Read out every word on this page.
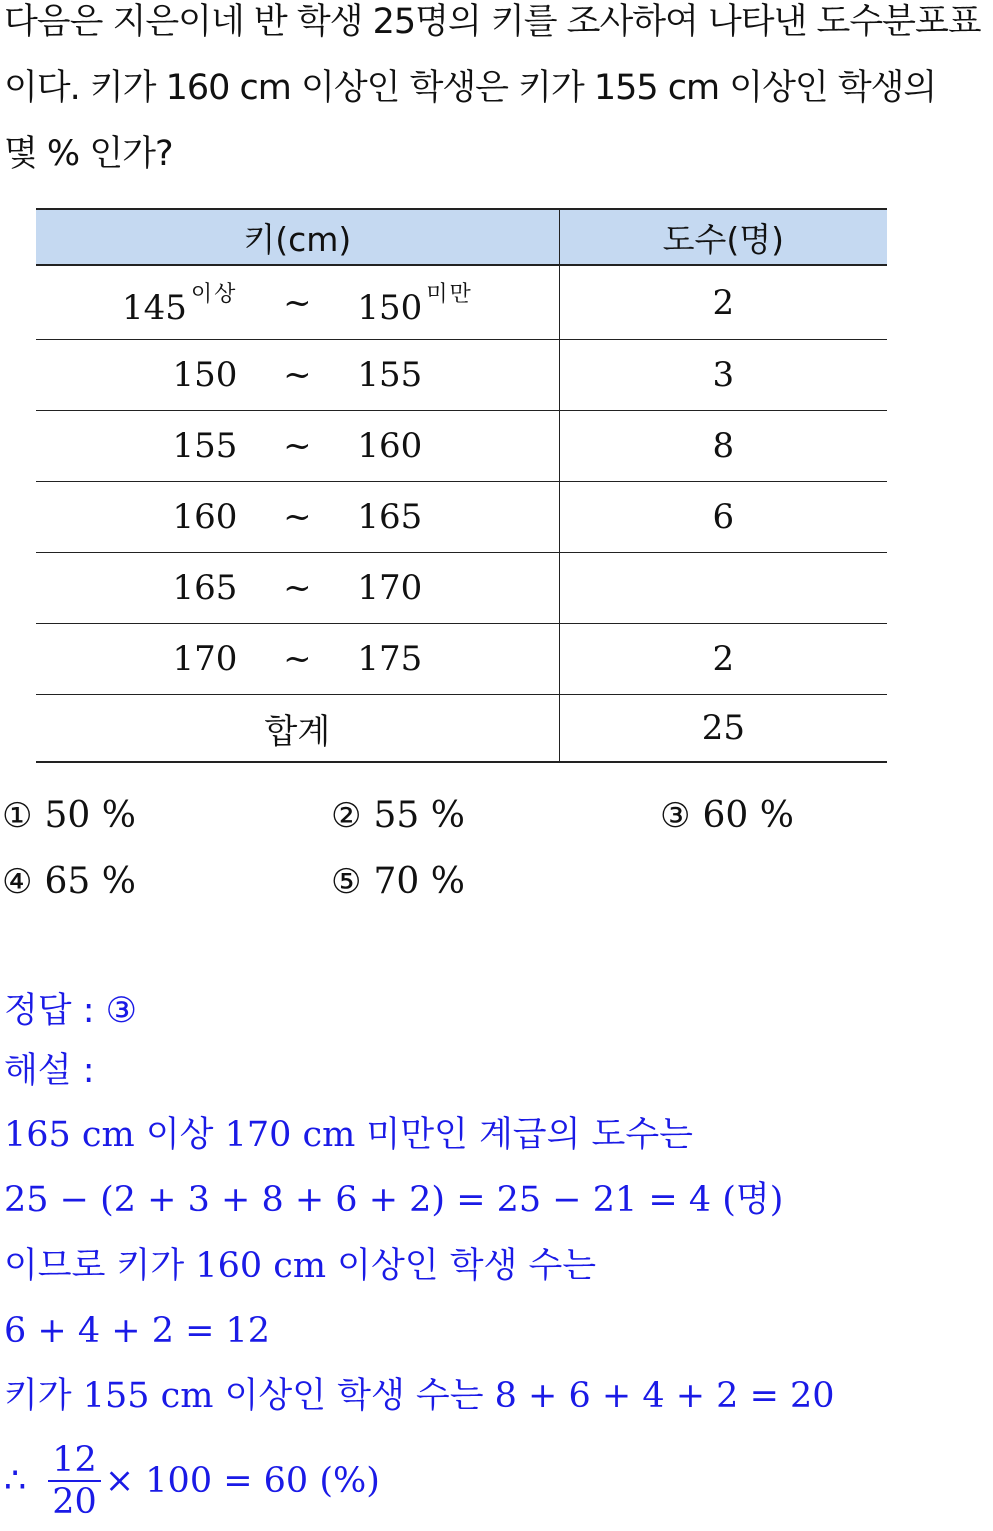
다음은 지은이네 반 학생 25명의 키를 조사하여 나타낸 도수분포표
이다. 키가 160 cm 이상인 학생은 키가 155 cm 이상인 학생의
몇 % 인가?
키(cm)	도수(명)

145 $^{이상}$ ~ 150 $^{미만}$	2

150 ~ 155	3

155 ~ 160	8

160 ~ 165	6

165 ~ 170	

170 ~ 175	2
합계	25
① 50 %	② 55 %	③ 60 %
④ 65 %	⑤ 70 %
정답 : ③
해설 :
165 cm 이상 170 cm 미만인 계급의 도수는
25 − (2 + 3 + 8 + 6 + 2) = 25 − 21 = 4 (명)
이므로 키가 160 cm 이상인 학생 수는
6 + 4 + 2 = 12
키가 155 cm 이상인 학생 수는 8 + 6 + 4 + 2 = 20
∴ $\frac{12}{20} \times 100 = 60$ (%)
